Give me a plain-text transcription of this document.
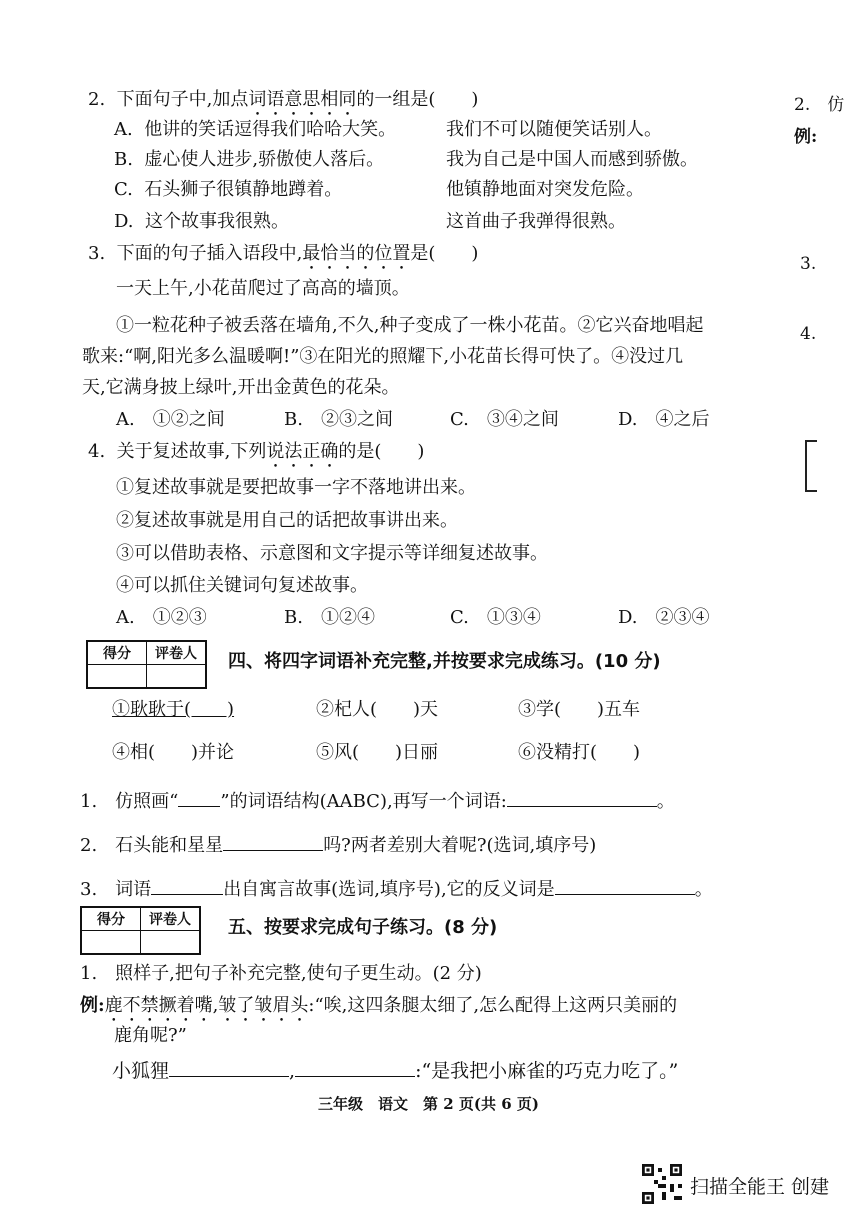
2. 下面句子中,加点词语意思相同的一组是(　　)
A. 他讲的笑话逗得我们哈哈大笑。	我们不可以随便笑话别人。
B. 虚心使人进步,骄傲使人落后。	我为自己是中国人而感到骄傲。
C. 石头狮子很镇静地蹲着。	他镇静地面对突发危险。
D. 这个故事我很熟。	这首曲子我弹得很熟。
3. 下面的句子插入语段中,最恰当的位置是(　　)
一天上午,小花苗爬过了高高的墙顶。
①一粒花种子被丢落在墙角,不久,种子变成了一株小花苗。②它兴奋地唱起
歌来:“啊,阳光多么温暖啊!”③在阳光的照耀下,小花苗长得可快了。④没过几
天,它满身披上绿叶,开出金黄色的花朵。
A.　①②之间	B.　②③之间	C.　③④之间	D.　④之后
4. 关于复述故事,下列说法正确的是(　　)
①复述故事就是要把故事一字不落地讲出来。
②复述故事就是用自己的话把故事讲出来。
③可以借助表格、示意图和文字提示等详细复述故事。
④可以抓住关键词句复述故事。
A.　①②③	B.　①②④	C.　①③④	D.　②③④
得分	评卷人
	四、将四字词语补充完整,并按要求完成练习。(10 分)
①耿耿于(　　)	②杞人(　　)天	③学(　　)五车
④相(　　)并论	⑤风(　　)日丽	⑥没精打(　　)
1.　仿照画“ ”的词语结构(AABC),再写一个词语:	。
2.　石头能和星星	吗?两者差别大着呢?(选词,填序号)
3.　词语	出自寓言故事(选词,填序号),它的反义词是	。
得分	评卷人
	五、按要求完成句子练习。(8 分)
1.　照样子,把句子补充完整,使句子更生动。(2 分)
例:鹿不禁撅着嘴,皱了皱眉头:“唉,这四条腿太细了,怎么配得上这两只美丽的
鹿角呢?”
小狐狸	,	:“是我把小麻雀的巧克力吃了。”
三年级　语文　第 2 页(共 6 页)
扫描全能王 创建
2.　仿
例:
3.
4.
